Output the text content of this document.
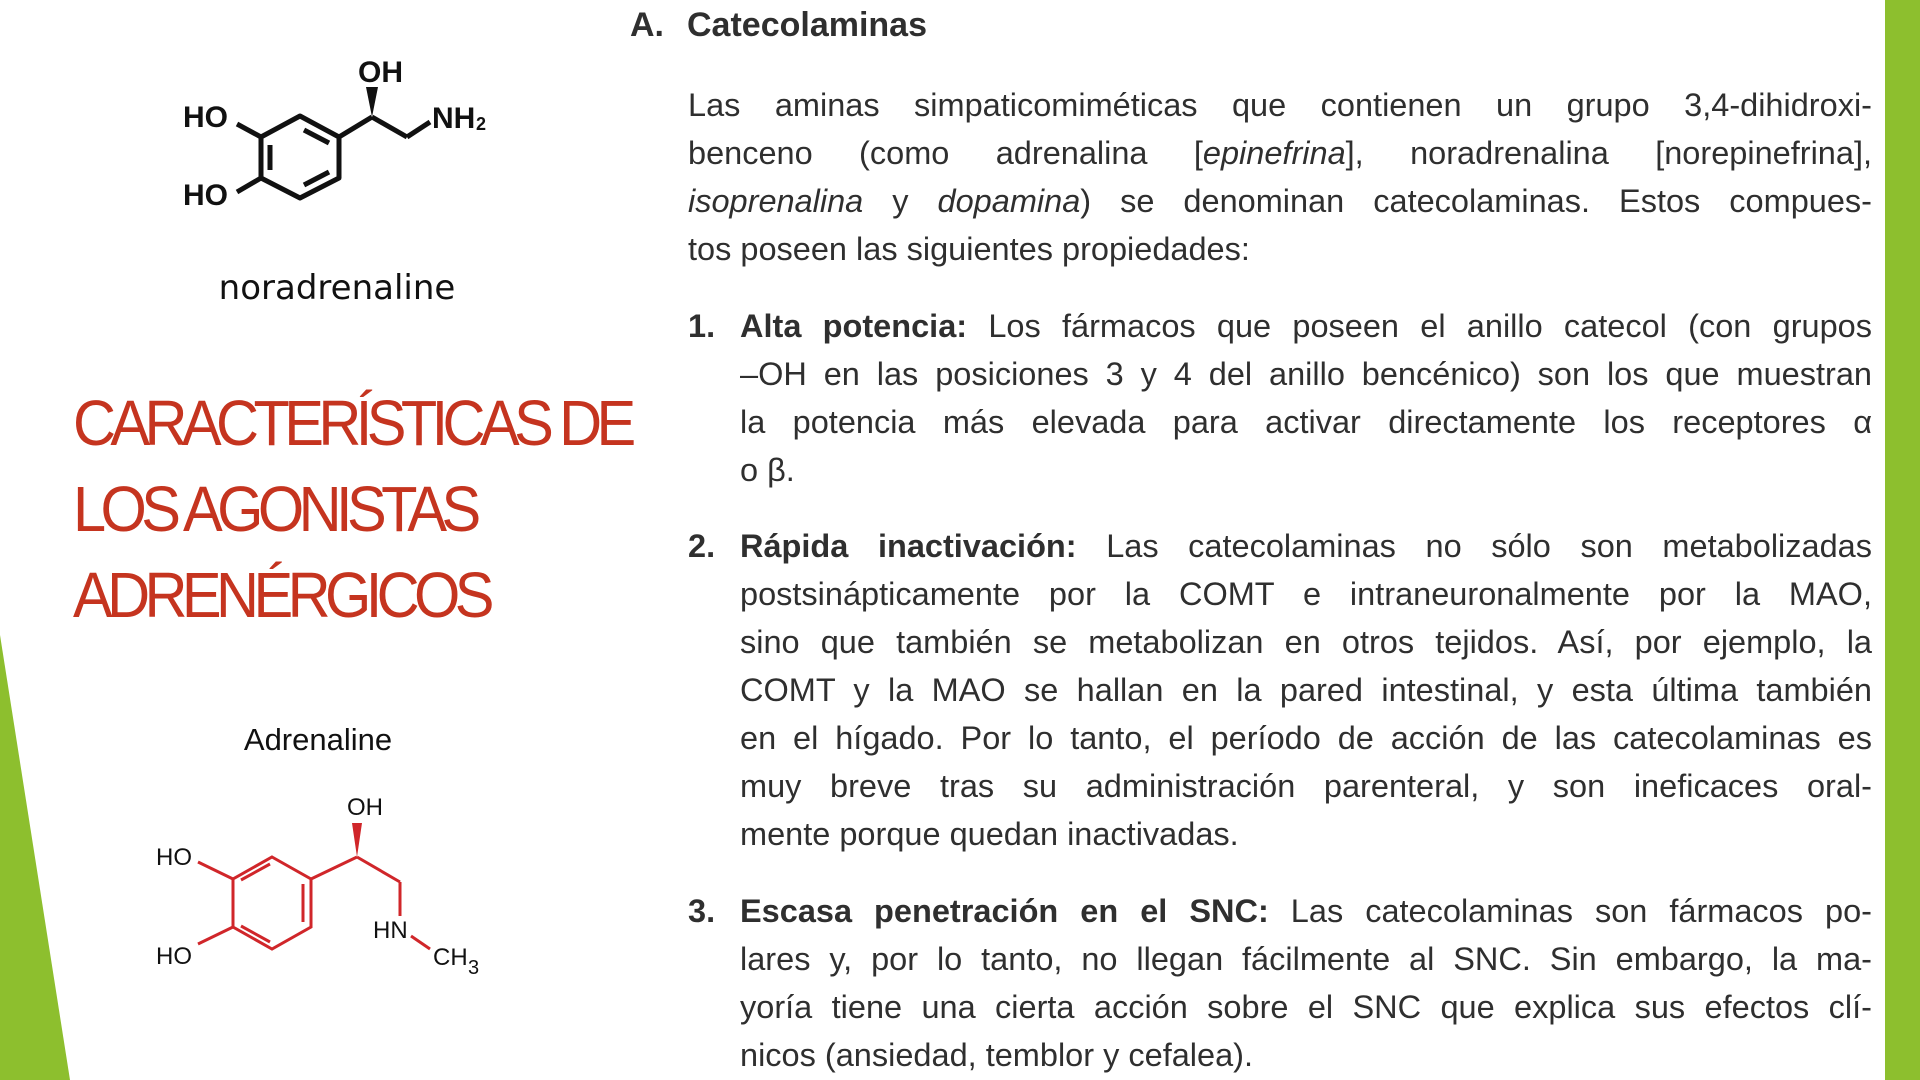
OH
HO
HO
NH 2
OH
HO
HO
HN
CH 3
noradrenaline
Adrenaline
CARACTERÍSTICAS DE
LOS AGONISTAS
ADRENÉRGICOS
A. Catecolaminas
Las aminas simpaticomiméticas que contienen un grupo 3,4-dihidroxi-
benceno (como adrenalina [epinefrina], noradrenalina [norepinefrina],
isoprenalina y dopamina) se denominan catecolaminas. Estos compues-
tos poseen las siguientes propiedades:
1. Alta potencia: Los fármacos que poseen el anillo catecol (con grupos
–OH en las posiciones 3 y 4 del anillo bencénico) son los que muestran
la potencia más elevada para activar directamente los receptores α
o β.
2. Rápida inactivación: Las catecolaminas no sólo son metabolizadas
postsinápticamente por la COMT e intraneuronalmente por la MAO,
sino que también se metabolizan en otros tejidos. Así, por ejemplo, la
COMT y la MAO se hallan en la pared intestinal, y esta última también
en el hígado. Por lo tanto, el período de acción de las catecolaminas es
muy breve tras su administración parenteral, y son ineficaces oral-
mente porque quedan inactivadas.
3. Escasa penetración en el SNC: Las catecolaminas son fármacos po-
lares y, por lo tanto, no llegan fácilmente al SNC. Sin embargo, la ma-
yoría tiene una cierta acción sobre el SNC que explica sus efectos clí-
nicos (ansiedad, temblor y cefalea).
